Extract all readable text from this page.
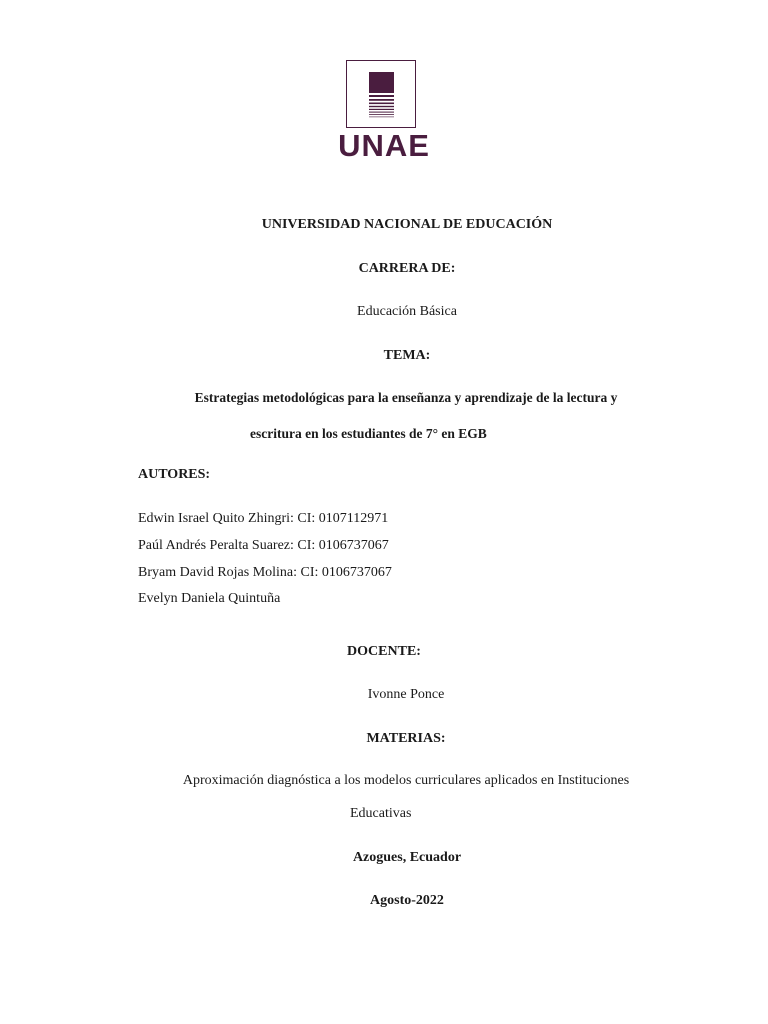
UNAE
UNIVERSIDAD NACIONAL DE EDUCACIÓN
CARRERA DE:
Educación Básica
TEMA:
Estrategias metodológicas para la enseñanza y aprendizaje de la lectura y
escritura en los estudiantes de 7° en EGB
AUTORES:
Edwin Israel Quito Zhingri: CI: 0107112971
Paúl Andrés Peralta Suarez: CI: 0106737067
Bryam David Rojas Molina: CI: 0106737067
Evelyn Daniela Quintuña
DOCENTE:
Ivonne Ponce
MATERIAS:
Aproximación diagnóstica a los modelos curriculares aplicados en Instituciones
Educativas
Azogues, Ecuador
Agosto-2022
